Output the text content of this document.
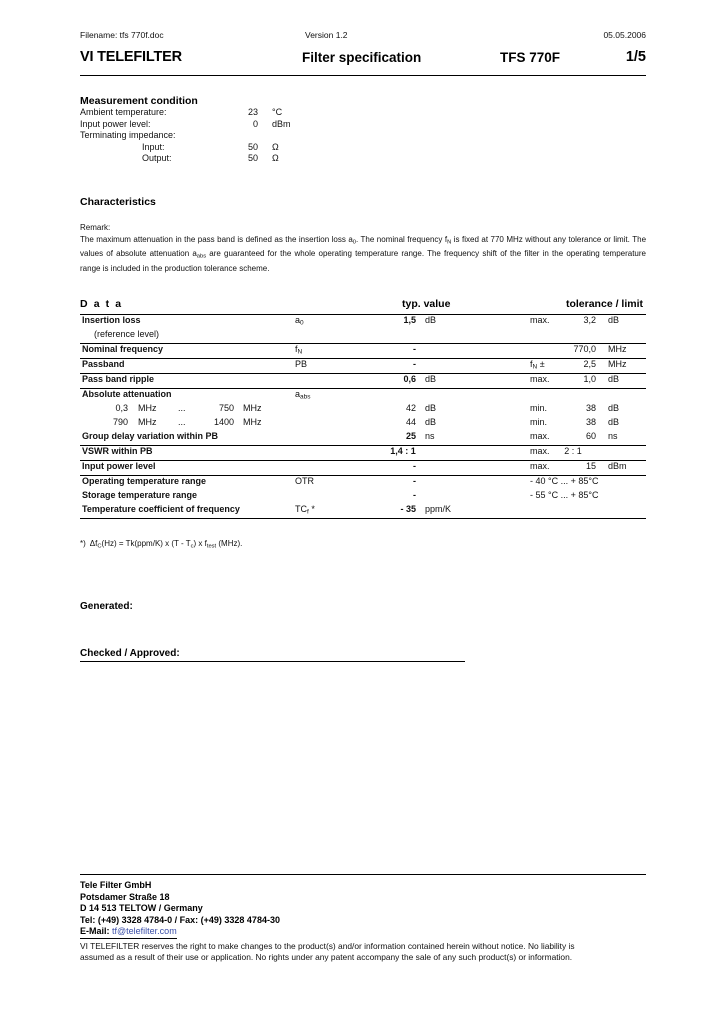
Filename: tfs 770f.doc	Version 1.2	05.05.2006
VI TELEFILTER	Filter specification	TFS 770F	1/5
Measurement condition
Ambient temperature:	23 °C
Input power level:	0 dBm
Terminating impedance:
Input:	50 Ω
Output:	50 Ω
Characteristics
Remark:
The maximum attenuation in the pass band is defined as the insertion loss $a_0$. The nominal frequency $f_N$ is fixed at 770 MHz without any tolerance or limit. The values of absolute attenuation $a_{abs}$ are guaranteed for the whole operating temperature range. The frequency shift of the filter in the operating temperature range is included in the production tolerance scheme.
D a t a	typ. value	tolerance / limit
Insertion loss	$a_0$	1,5 dB	max.	3,2 dB
(reference level)
Nominal frequency	$f_N$	-	770,0 MHz
Passband	PB	-	$f_N$ ±	2,5 MHz
Pass band ripple	0,6 dB	max.	1,0 dB
Absolute attenuation	$a_{abs}$
0,3 MHz ...	750 MHz	42 dB	min.	38 dB
790 MHz ...	1400 MHz	44 dB	min.	38 dB
Group delay variation within PB	25 ns	max.	60 ns
VSWR within PB	1,4 : 1	max.	2 : 1
Input power level	-	max.	15 dBm
Operating temperature range	OTR	-	- 40 °C ... + 85°C
Storage temperature range	-	- 55 °C ... + 85°C
Temperature coefficient of frequency	$TC_f$ *	- 35 ppm/K
*) $\Delta f_C(Hz) = Tk(ppm/K)$ x $(T - T_c)$ x $f_{test}$ (MHz).
Generated:
Checked / Approved:
Tele Filter GmbH
Potsdamer Straße 18
D 14 513 TELTOW / Germany
Tel: (+49) 3328 4784-0 / Fax: (+49) 3328 4784-30
E-Mail: tf@telefilter.com
VI TELEFILTER reserves the right to make changes to the product(s) and/or information contained herein without notice. No liability is
assumed as a result of their use or application. No rights under any patent accompany the sale of any such product(s) or information.
